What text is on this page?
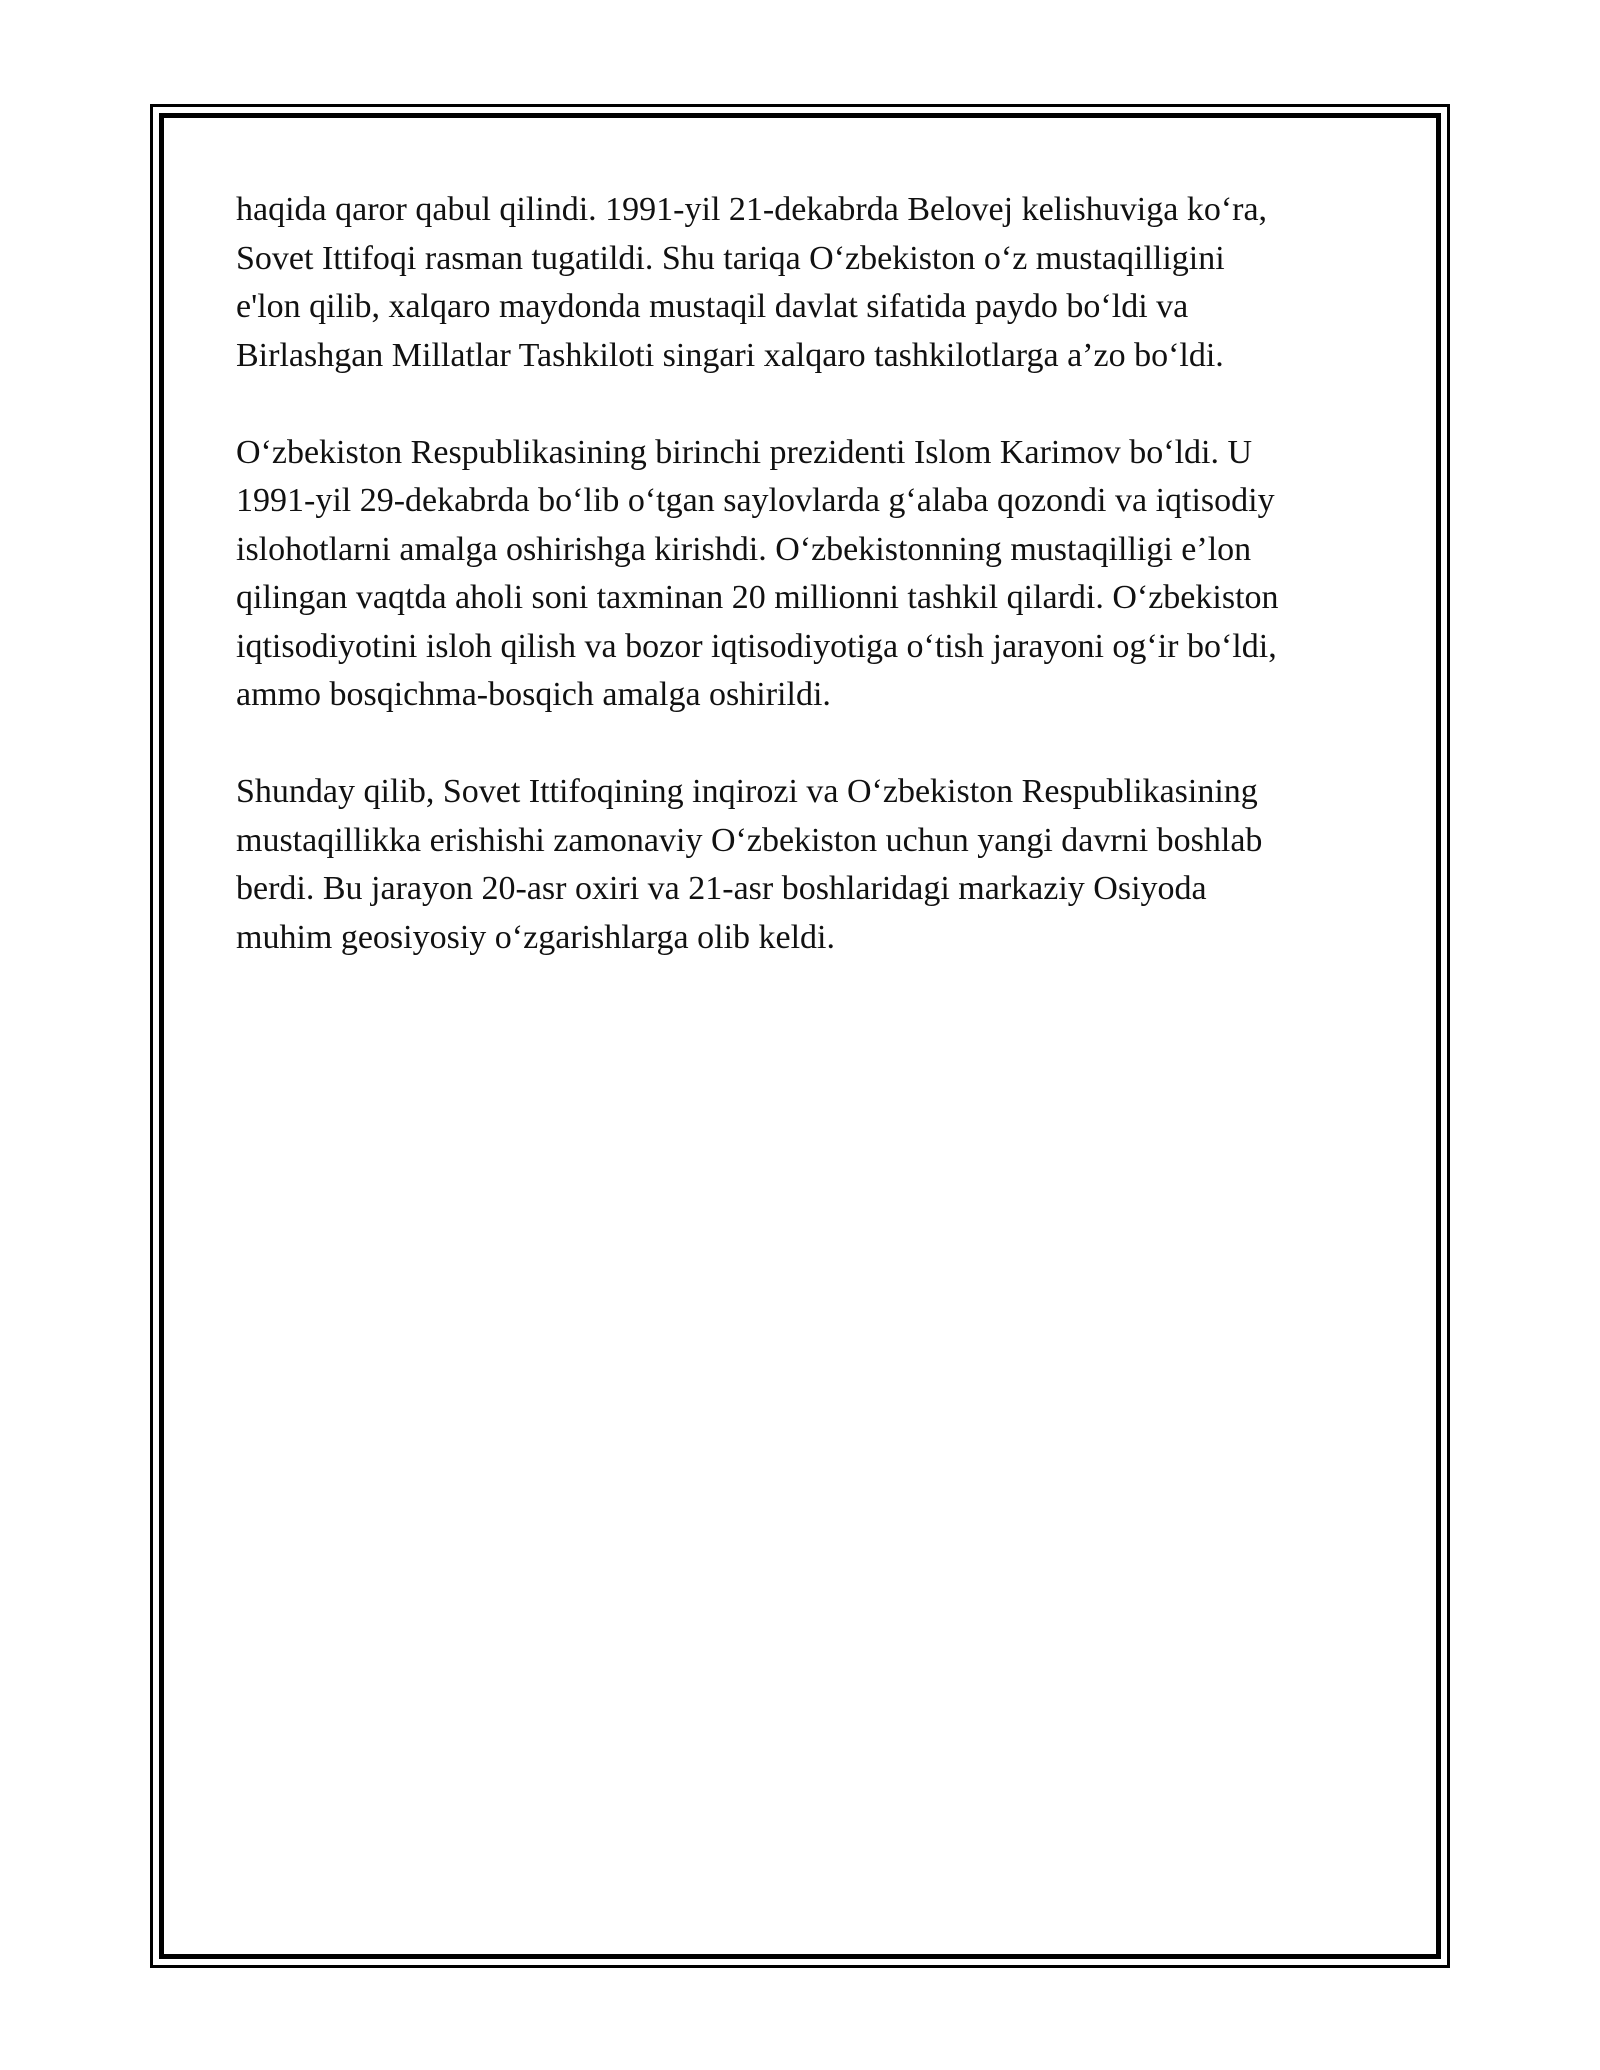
haqida qaror qabul qilindi. 1991-yil 21-dekabrda Belovej kelishuviga koʻra,
Sovet Ittifoqi rasman tugatildi. Shu tariqa Oʻzbekiston oʻz mustaqilligini
e'lon qilib, xalqaro maydonda mustaqil davlat sifatida paydo boʻldi va
Birlashgan Millatlar Tashkiloti singari xalqaro tashkilotlarga a’zo boʻldi.

Oʻzbekiston Respublikasining birinchi prezidenti Islom Karimov boʻldi. U
1991-yil 29-dekabrda boʻlib oʻtgan saylovlarda gʻalaba qozondi va iqtisodiy
islohotlarni amalga oshirishga kirishdi. Oʻzbekistonning mustaqilligi e’lon
qilingan vaqtda aholi soni taxminan 20 millionni tashkil qilardi. Oʻzbekiston
iqtisodiyotini isloh qilish va bozor iqtisodiyotiga oʻtish jarayoni ogʻir boʻldi,
ammo bosqichma-bosqich amalga oshirildi.

Shunday qilib, Sovet Ittifoqining inqirozi va Oʻzbekiston Respublikasining
mustaqillikka erishishi zamonaviy Oʻzbekiston uchun yangi davrni boshlab
berdi. Bu jarayon 20-asr oxiri va 21-asr boshlaridagi markaziy Osiyoda
muhim geosiyosiy oʻzgarishlarga olib keldi.
